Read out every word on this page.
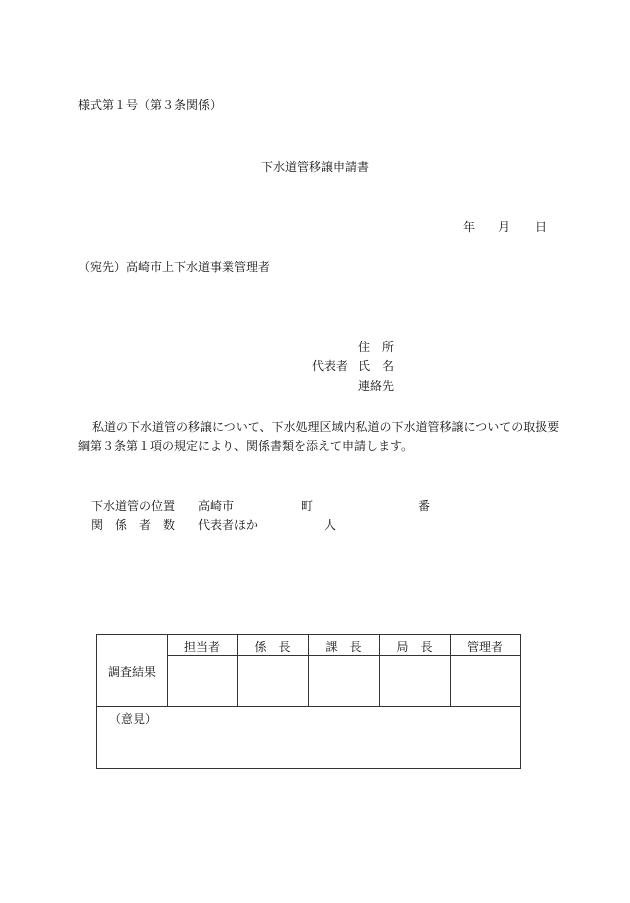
様式第１号（第３条関係）
下水道管移譲申請書
年 月 日
（宛先）高崎市上下水道事業管理者
住　所
代表者 氏　名
連絡先
私道の下水道管の移譲について、下水処理区域内私道の下水道管移譲についての取扱要
綱第３条第１項の規定により、関係書類を添えて申請します。
下水道管の位置 高崎市	町	番
関　係　者　数 代表者ほか	人
担当者	係　長	課　長	局　長	管理者
調査結果
（意見）
